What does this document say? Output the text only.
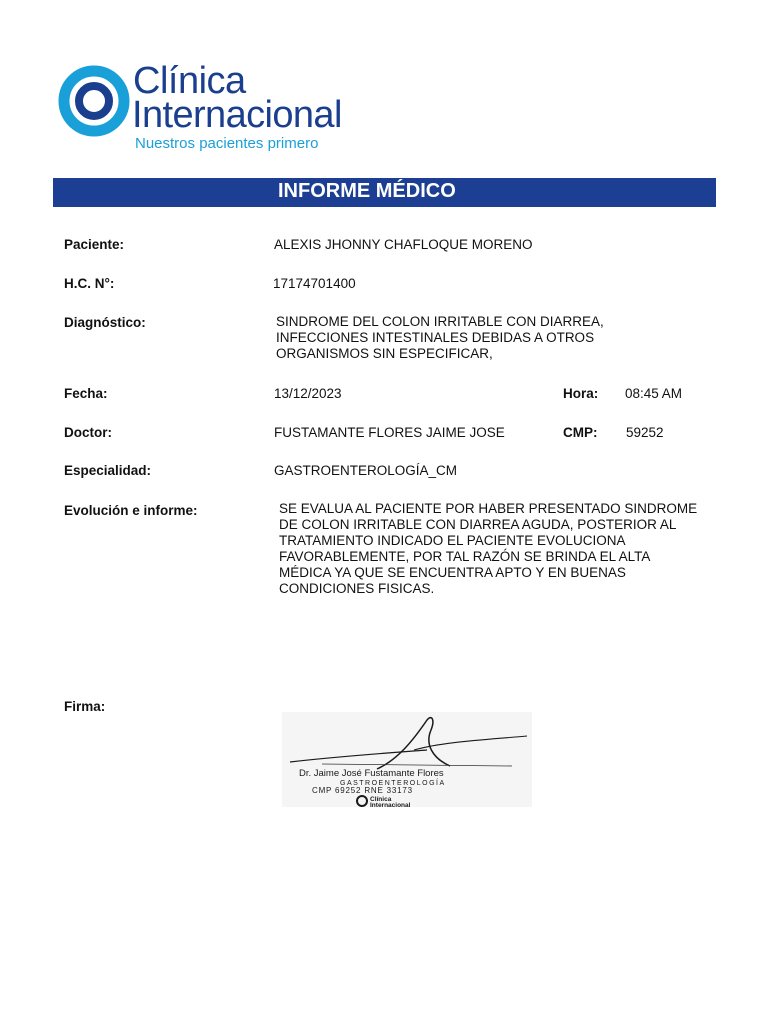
Clínica
Internacional
Nuestros pacientes primero
INFORME MÉDICO
Paciente:	ALEXIS JHONNY CHAFLOQUE MORENO
H.C. N°:	17174701400
Diagnóstico:	SINDROME DEL COLON IRRITABLE CON DIARREA,
INFECCIONES INTESTINALES DEBIDAS A OTROS
ORGANISMOS SIN ESPECIFICAR,
Fecha:	13/12/2023	Hora: 08:45 AM
Doctor:	FUSTAMANTE FLORES JAIME JOSE	CMP: 59252
Especialidad:	GASTROENTEROLOGÍA_CM
Evolución e informe:	SE EVALUA AL PACIENTE POR HABER PRESENTADO SINDROME
DE COLON IRRITABLE CON DIARREA AGUDA, POSTERIOR AL
TRATAMIENTO INDICADO EL PACIENTE EVOLUCIONA
FAVORABLEMENTE, POR TAL RAZÓN SE BRINDA EL ALTA
MÉDICA YA QUE SE ENCUENTRA APTO Y EN BUENAS
CONDICIONES FISICAS.
Firma:
Dr. Jaime José Fustamante Flores
GASTROENTEROLOGÍA
CMP 69252 RNE 33173
Clínica
Internacional
